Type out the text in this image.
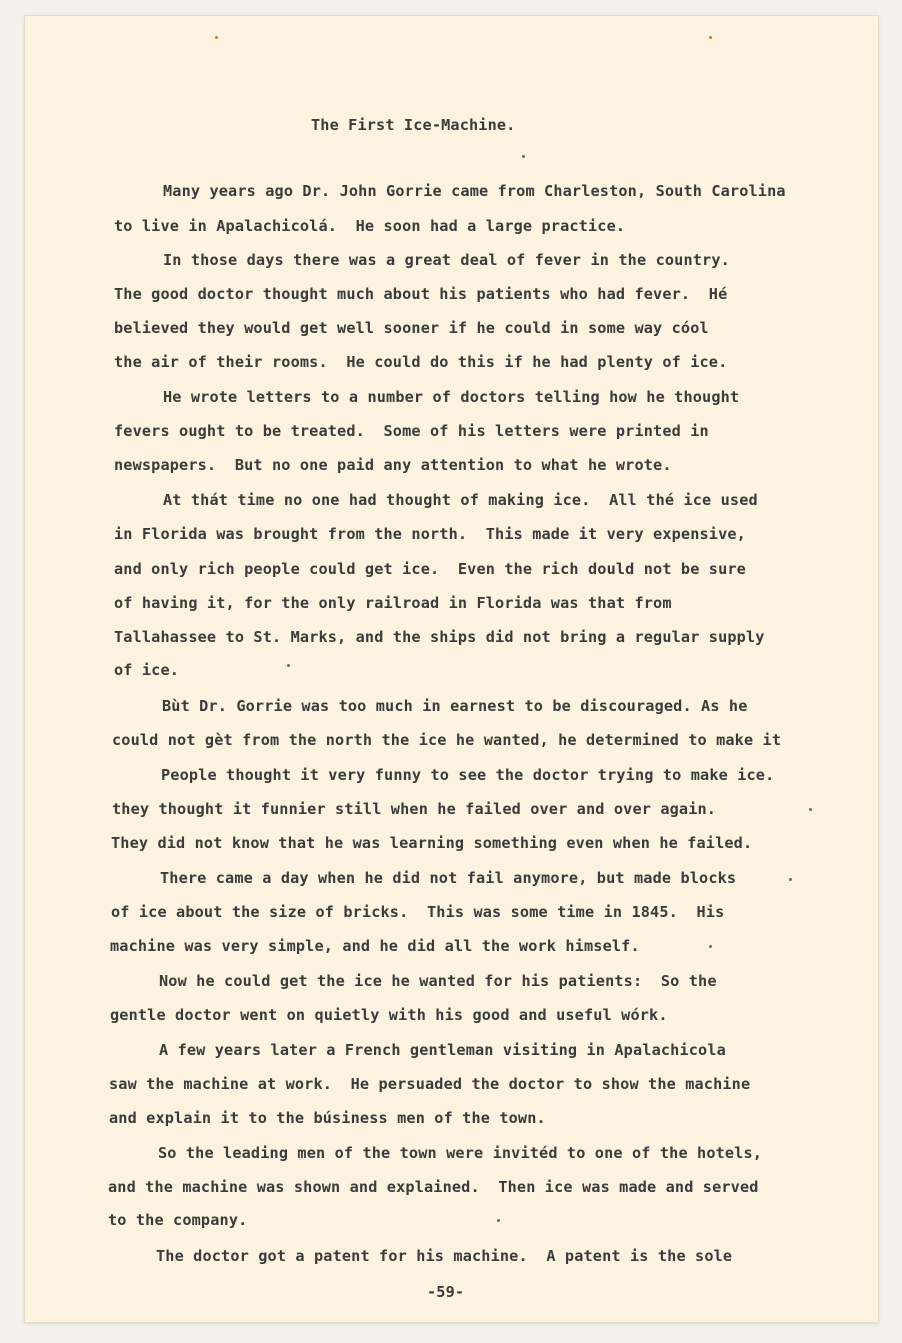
The First Ice-Machine.

Many years ago Dr. John Gorrie came from Charleston, South Carolina

to live in Apalachicolá.  He soon had a large practice.

In those days there was a great deal of fever in the country.

The good doctor thought much about his patients who had fever.  Hé

believed they would get well sooner if he could in some way cóol

the air of their rooms.  He could do this if he had plenty of ice.

He wrote letters to a number of doctors telling how he thought

fevers ought to be treated.  Some of his letters were printed in

newspapers.  But no one paid any attention to what he wrote.

At thát time no one had thought of making ice.  All thé ice used

in Florida was brought from the north.  This made it very expensive,

and only rich people could get ice.  Even the rich dould not be sure

of having it, for the only railroad in Florida was that from

Tallahassee to St. Marks, and the ships did not bring a regular supply

of ice.

Bùt Dr. Gorrie was too much in earnest to be discouraged. As he

could not gèt from the north the ice he wanted, he determined to make it

People thought it very funny to see the doctor trying to make ice.

they thought it funnier still when he failed over and over again.

They did not know that he was learning something even when he failed.

There came a day when he did not fail anymore, but made blocks

of ice about the size of bricks.  This was some time in 1845.  His

machine was very simple, and he did all the work himself.

Now he could get the ice he wanted for his patients:  So the

gentle doctor went on quietly with his good and useful wórk.

A few years later a French gentleman visiting in Apalachicola

saw the machine at work.  He persuaded the doctor to show the machine

and explain it to the búsiness men of the town.

So the leading men of the town were invitéd to one of the hotels,

and the machine was shown and explained.  Then ice was made and served

to the company.

The doctor got a patent for his machine.  A patent is the sole

-59-
